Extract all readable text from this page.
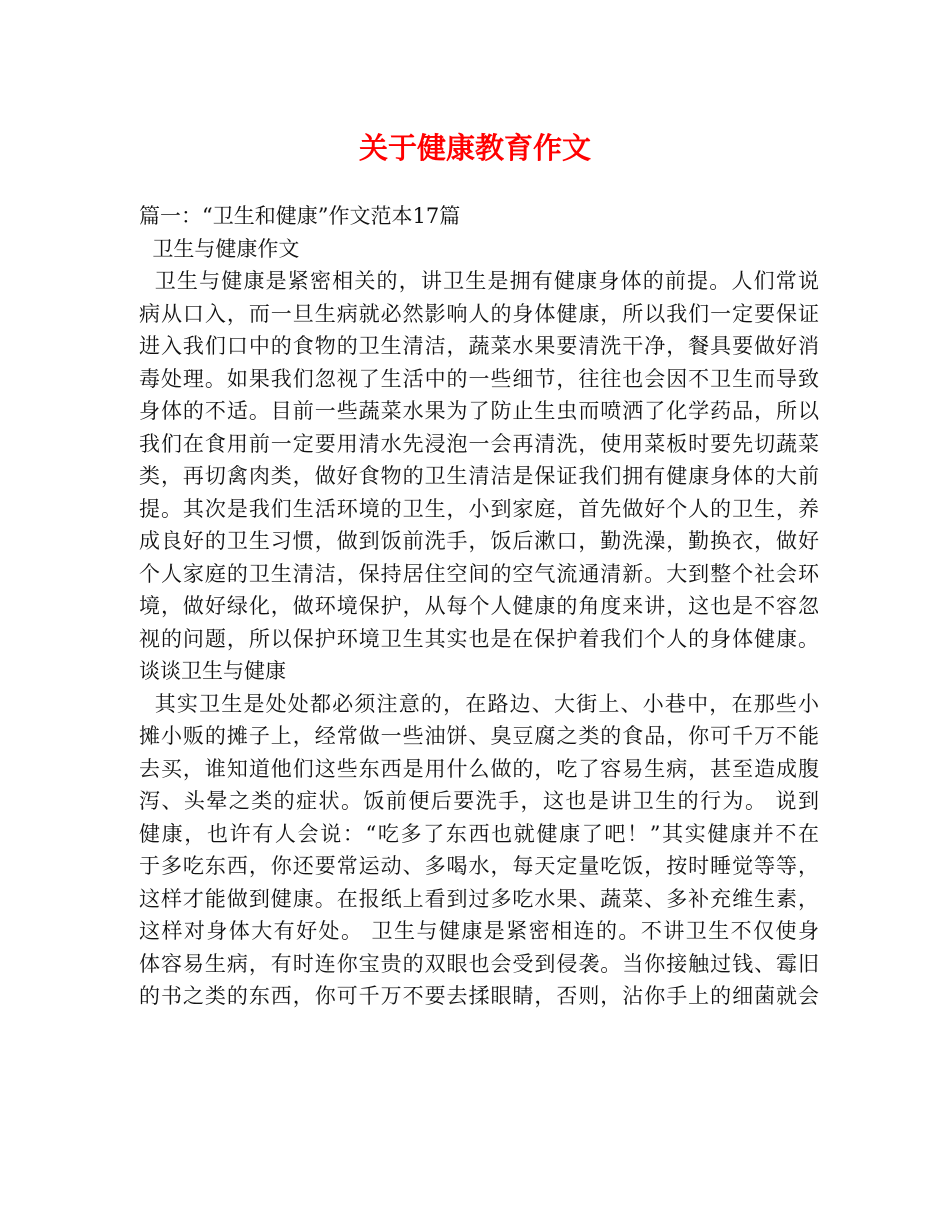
关于健康教育作文
篇一：“卫生和健康”作文范本17篇
卫生与健康作文
卫生与健康是紧密相关的，讲卫生是拥有健康身体的前提。人们常说
病从口入，而一旦生病就必然影响人的身体健康，所以我们一定要保证
进入我们口中的食物的卫生清洁，蔬菜水果要清洗干净，餐具要做好消
毒处理。如果我们忽视了生活中的一些细节，往往也会因不卫生而导致
身体的不适。目前一些蔬菜水果为了防止生虫而喷洒了化学药品，所以
我们在食用前一定要用清水先浸泡一会再清洗，使用菜板时要先切蔬菜
类，再切禽肉类，做好食物的卫生清洁是保证我们拥有健康身体的大前
提。其次是我们生活环境的卫生，小到家庭，首先做好个人的卫生，养
成良好的卫生习惯，做到饭前洗手，饭后漱口，勤洗澡，勤换衣，做好
个人家庭的卫生清洁，保持居住空间的空气流通清新。大到整个社会环
境，做好绿化，做环境保护，从每个人健康的角度来讲，这也是不容忽
视的问题，所以保护环境卫生其实也是在保护着我们个人的身体健康。
谈谈卫生与健康
其实卫生是处处都必须注意的，在路边、大街上、小巷中，在那些小
摊小贩的摊子上，经常做一些油饼、臭豆腐之类的食品，你可千万不能
去买，谁知道他们这些东西是用什么做的，吃了容易生病，甚至造成腹
泻、头晕之类的症状。饭前便后要洗手，这也是讲卫生的行为。 说到
健康，也许有人会说：“吃多了东西也就健康了吧！”其实健康并不在
于多吃东西，你还要常运动、多喝水，每天定量吃饭，按时睡觉等等，
这样才能做到健康。在报纸上看到过多吃水果、蔬菜、多补充维生素，
这样对身体大有好处。 卫生与健康是紧密相连的。不讲卫生不仅使身
体容易生病，有时连你宝贵的双眼也会受到侵袭。当你接触过钱、霉旧
的书之类的东西，你可千万不要去揉眼睛，否则，沾你手上的细菌就会
